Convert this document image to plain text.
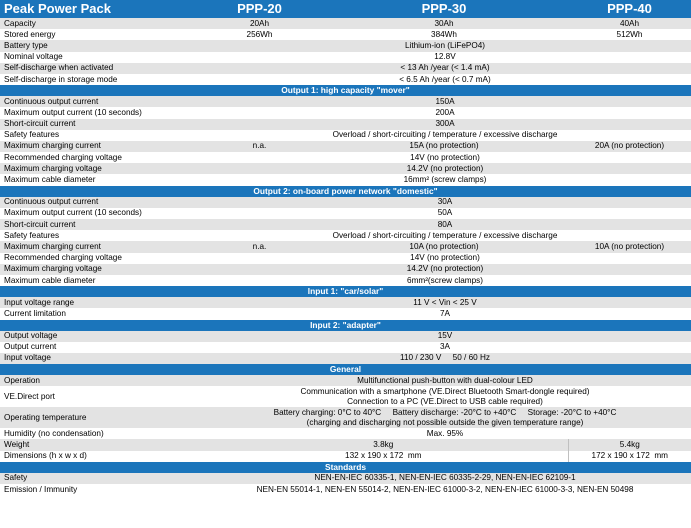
Peak Power Pack	PPP-20	PPP-30	PPP-40
Capacity	20Ah	30Ah	40Ah
Stored energy	256Wh	384Wh	512Wh
Battery type	Lithium-ion (LiFePO4)		
Nominal voltage	12.8V		
Self-discharge when activated	< 13 Ah /year (< 1.4 mA)		
Self-discharge in storage mode	< 6.5 Ah /year (< 0.7 mA)		
Output 1: high capacity "mover"			
Continuous output current	150A		
Maximum output current (10 seconds)	200A		
Short-circuit current	300A		
Safety features	Overload / short-circuiting / temperature / excessive discharge		
Maximum charging current	n.a.	15A (no protection)	20A (no protection)
Recommended charging voltage	14V (no protection)		
Maximum charging voltage	14.2V (no protection)		
Maximum cable diameter	16mm² (screw clamps)		
Output 2: on-board power network "domestic"			
Continuous output current	30A		
Maximum output current (10 seconds)	50A		
Short-circuit current	80A		
Safety features	Overload / short-circuiting / temperature / excessive discharge		
Maximum charging current	n.a.	10A (no protection)	10A (no protection)
Recommended charging voltage	14V (no protection)		
Maximum charging voltage	14.2V (no protection)		
Maximum cable diameter	6mm²(screw clamps)		
Input 1: "car/solar"			
Input voltage range	11 V < Vin < 25 V		
Current limitation	7A		
Input 2: "adapter"			
Output voltage	15V		
Output current	3A		
Input voltage	110 / 230 V     50 / 60 Hz		
General			
Operation	Multifunctional push-button with dual-colour LED		
VE.Direct port	Communication with a smartphone (VE.Direct Bluetooth Smart-dongle required)
Connection to a PC (VE.Direct to USB cable required)		

Operating temperature	Battery charging: 0°C to 40°C     Battery discharge: -20°C to +40°C     Storage: -20°C to +40°C
(charging and discharging not possible outside the given temperature range)		

Humidity (no condensation)	Max. 95%		
Weight	3.8kg		5.4kg
Dimensions (h x w x d)	132 x 190 x 172  mm		172 x 190 x 172  mm
Standards			
Safety	NEN-EN-IEC 60335-1, NEN-EN-IEC 60335-2-29, NEN-EN-IEC 62109-1		
Emission / Immunity	NEN-EN 55014-1, NEN-EN 55014-2, NEN-EN-IEC 61000-3-2, NEN-EN-IEC 61000-3-3, NEN-EN 50498		
